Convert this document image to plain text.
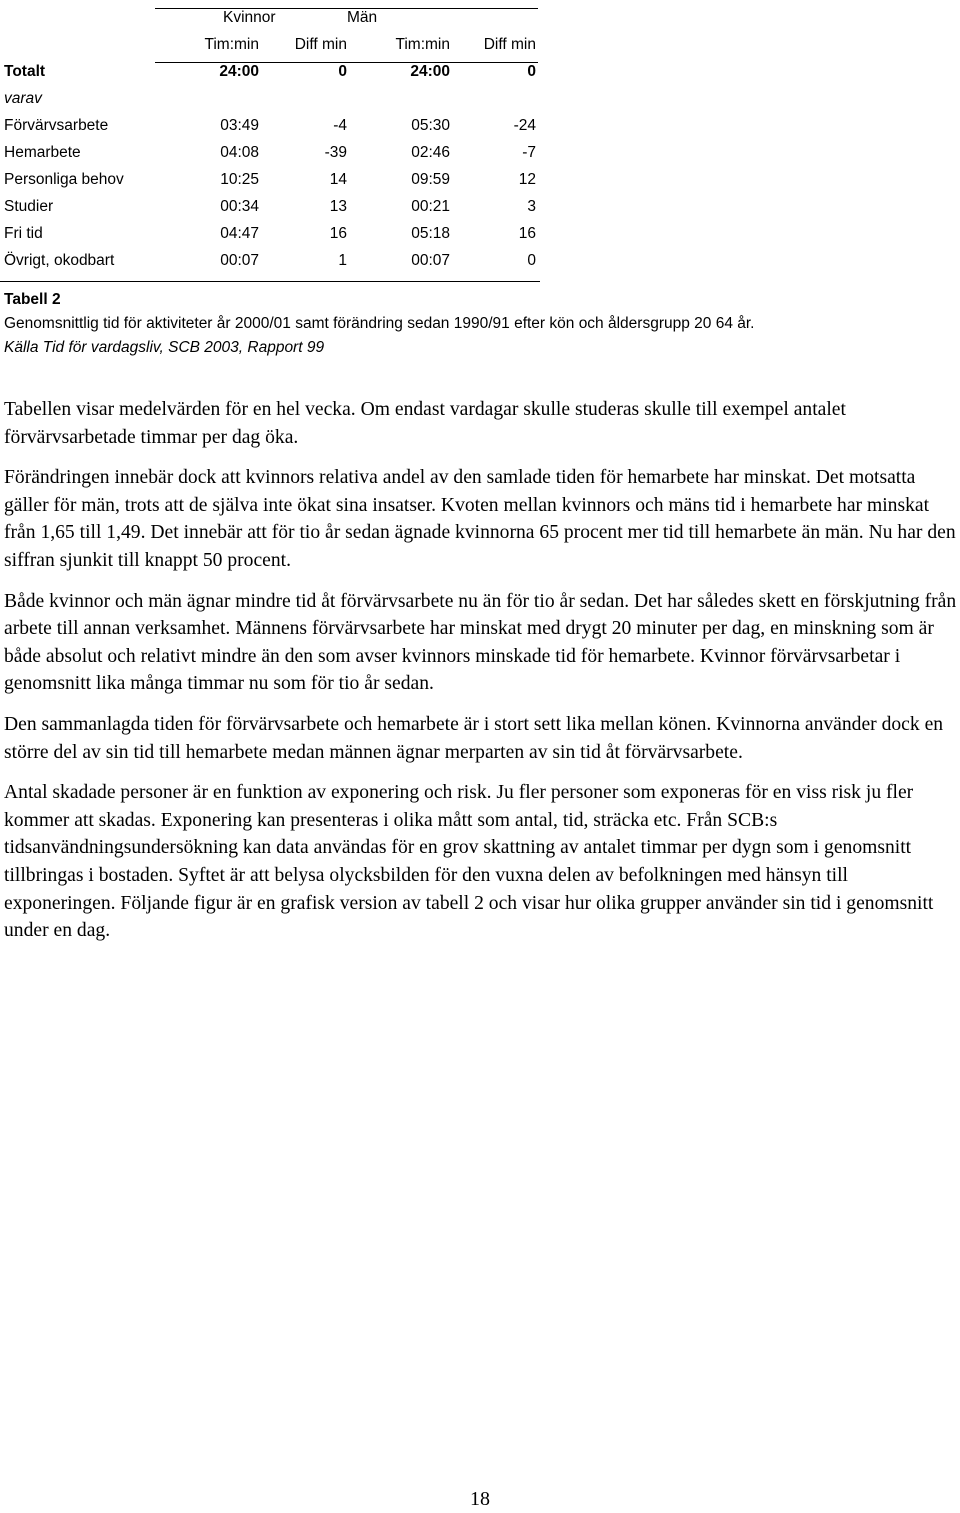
Kvinnor	Män
Tim:min Diff min	Tim:min Diff min
Totalt	24:00	0	24:00	0
varav
Förvärvsarbete	03:49	-4	05:30	-24
Hemarbete	04:08	-39	02:46	-7
Personliga behov	10:25	14	09:59	12
Studier	00:34	13	00:21	3
Fri tid	04:47	16	05:18	16
Övrigt, okodbart	00:07	1	00:07	0
Tabell 2
Genomsnittlig tid för aktiviteter år 2000/01 samt förändring sedan 1990/91 efter kön och åldersgrupp 20 64 år.
Källa Tid för vardagsliv, SCB 2003, Rapport 99

Tabellen visar medelvärden för en hel vecka. Om endast vardagar skulle studeras skulle till exempel antalet förvärvsarbetade timmar per dag öka.

Förändringen innebär dock att kvinnors relativa andel av den samlade tiden för hemarbete har minskat. Det motsatta gäller för män, trots att de själva inte ökat sina insatser. Kvoten mellan kvinnors och mäns tid i hemarbete har minskat från 1,65 till 1,49. Det innebär att för tio år sedan ägnade kvinnorna 65 procent mer tid till hemarbete än män. Nu har den siffran sjunkit till knappt 50 procent.

Både kvinnor och män ägnar mindre tid åt förvärvsarbete nu än för tio år sedan. Det har således skett en förskjutning från arbete till annan verksamhet. Männens förvärvsarbete har minskat med drygt 20 minuter per dag, en minskning som är både absolut och relativt mindre än den som avser kvinnors minskade tid för hemarbete. Kvinnor förvärvsarbetar i genomsnitt lika många timmar nu som för tio år sedan.

Den sammanlagda tiden för förvärvsarbete och hemarbete är i stort sett lika mellan könen. Kvinnorna använder dock en större del av sin tid till hemarbete medan männen ägnar merparten av sin tid åt förvärvsarbete.

Antal skadade personer är en funktion av exponering och risk. Ju fler personer som exponeras för en viss risk ju fler kommer att skadas. Exponering kan presenteras i olika mått som antal, tid, sträcka etc. Från SCB:s tidsanvändningsundersökning kan data användas för en grov skattning av antalet timmar per dygn som i genomsnitt tillbringas i bostaden. Syftet är att belysa olycksbilden för den vuxna delen av befolkningen med hänsyn till exponeringen. Följande figur är en grafisk version av tabell 2 och visar hur olika grupper använder sin tid i genomsnitt under en dag.

18
